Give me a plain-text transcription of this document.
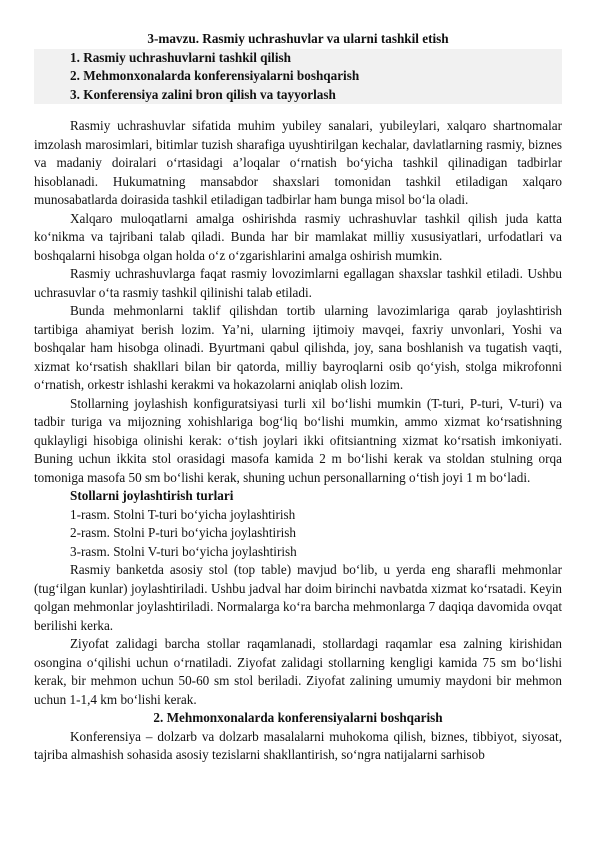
3-mavzu. Rasmiy uchrashuvlar va ularni tashkil etish

1. Rasmiy uchrashuvlarni tashkil qilish

2. Mehmonxonalarda konferensiyalarni boshqarish

3. Konferensiya zalini bron qilish va tayyorlash

Rasmiy uchrashuvlar sifatida muhim yubiley sanalari, yubileylari, xalqaro shartnomalar imzolash marosimlari, bitimlar tuzish sharafiga uyushtirilgan kechalar, davlatlarning rasmiy, biznes va madaniy doiralari o‘rtasidagi a’loqalar o‘rnatish bo‘yicha tashkil qilinadigan tadbirlar hisoblanadi. Hukumatning mansabdor shaxslari tomonidan tashkil etiladigan xalqaro munosabatlarda doirasida tashkil etiladigan tadbirlar ham bunga misol bo‘la oladi.

Xalqaro muloqatlarni amalga oshirishda rasmiy uchrashuvlar tashkil qilish juda katta ko‘nikma va tajribani talab qiladi. Bunda har bir mamlakat milliy xususiyatlari, urfodatlari va boshqalarni hisobga olgan holda o‘z o‘zgarishlarini amalga oshirish mumkin.

Rasmiy uchrashuvlarga faqat rasmiy lovozimlarni egallagan shaxslar tashkil etiladi. Ushbu uchrasuvlar o‘ta rasmiy tashkil qilinishi talab etiladi.

Bunda mehmonlarni taklif qilishdan tortib ularning lavozimlariga qarab joylashtirish tartibiga ahamiyat berish lozim. Ya’ni, ularning ijtimoiy mavqei, faxriy unvonlari, Yoshi va boshqalar ham hisobga olinadi. Byurtmani qabul qilishda, joy, sana boshlanish va tugatish vaqti, xizmat ko‘rsatish shakllari bilan bir qatorda, milliy bayroqlarni osib qo‘yish, stolga mikrofonni o‘rnatish, orkestr ishlashi kerakmi va hokazolarni aniqlab olish lozim.

Stollarning joylashish konfiguratsiyasi turli xil bo‘lishi mumkin (T-turi, P-turi, V-turi) va tadbir turiga va mijozning xohishlariga bog‘liq bo‘lishi mumkin, ammo xizmat ko‘rsatishning quklayligi hisobiga olinishi kerak: o‘tish joylari ikki ofitsiantning xizmat ko‘rsatish imkoniyati. Buning uchun ikkita stol orasidagi masofa kamida 2 m bo‘lishi kerak va stoldan stulning orqa tomoniga masofa 50 sm bo‘lishi kerak, shuning uchun personallarning o‘tish joyi 1 m bo‘ladi.

Stollarni joylashtirish turlari

1-rasm. Stolni T-turi bo‘yicha joylashtirish

2-rasm. Stolni P-turi bo‘yicha joylashtirish

3-rasm. Stolni V-turi bo‘yicha joylashtirish

Rasmiy banketda asosiy stol (top table) mavjud bo‘lib, u yerda eng sharafli mehmonlar (tug‘ilgan kunlar) joylashtiriladi. Ushbu jadval har doim birinchi navbatda xizmat ko‘rsatadi. Keyin qolgan mehmonlar joylashtiriladi. Normalarga ko‘ra barcha mehmonlarga 7 daqiqa davomida ovqat berilishi kerka.

Ziyofat zalidagi barcha stollar raqamlanadi, stollardagi raqamlar esa zalning kirishidan osongina o‘qilishi uchun o‘rnatiladi. Ziyofat zalidagi stollarning kengligi kamida 75 sm bo‘lishi kerak, bir mehmon uchun 50-60 sm stol beriladi. Ziyofat zalining umumiy maydoni bir mehmon uchun 1-1,4 km bo‘lishi kerak.

2. Mehmonxonalarda konferensiyalarni boshqarish

Konferensiya – dolzarb va dolzarb masalalarni muhokoma qilish, biznes, tibbiyot, siyosat, tajriba almashish sohasida asosiy tezislarni shakllantirish, so‘ngra natijalarni sarhisob
